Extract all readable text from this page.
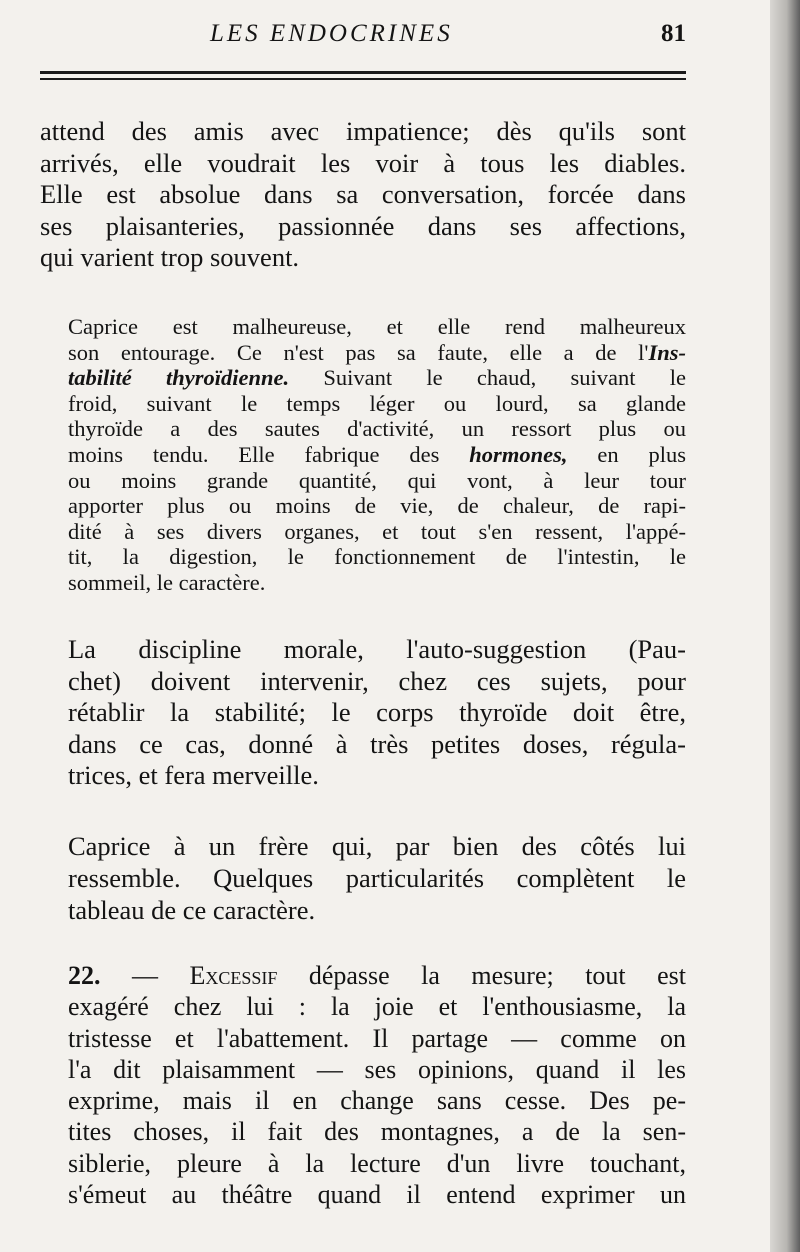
LES ENDOCRINES	81

attend des amis avec impatience; dès qu'ils sont
arrivés, elle voudrait les voir à tous les diables.
Elle est absolue dans sa conversation, forcée dans
ses plaisanteries, passionnée dans ses affections,
qui varient trop souvent.

Caprice est malheureuse, et elle rend malheureux
son entourage. Ce n'est pas sa faute, elle a de l'Ins-
tabilité thyroïdienne. Suivant le chaud, suivant le
froid, suivant le temps léger ou lourd, sa glande
thyroïde a des sautes d'activité, un ressort plus ou
moins tendu. Elle fabrique des hormones, en plus
ou moins grande quantité, qui vont, à leur tour
apporter plus ou moins de vie, de chaleur, de rapi-
dité à ses divers organes, et tout s'en ressent, l'appé-
tit, la digestion, le fonctionnement de l'intestin, le
sommeil, le caractère.

La discipline morale, l'auto-suggestion (Pau-
chet) doivent intervenir, chez ces sujets, pour
rétablir la stabilité; le corps thyroïde doit être,
dans ce cas, donné à très petites doses, régula-
trices, et fera merveille.

Caprice à un frère qui, par bien des côtés lui
ressemble. Quelques particularités complètent le
tableau de ce caractère.

22. — Excessif dépasse la mesure; tout est
exagéré chez lui : la joie et l'enthousiasme, la
tristesse et l'abattement. Il partage — comme on
l'a dit plaisamment — ses opinions, quand il les
exprime, mais il en change sans cesse. Des pe-
tites choses, il fait des montagnes, a de la sen-
siblerie, pleure à la lecture d'un livre touchant,
s'émeut au théâtre quand il entend exprimer un
